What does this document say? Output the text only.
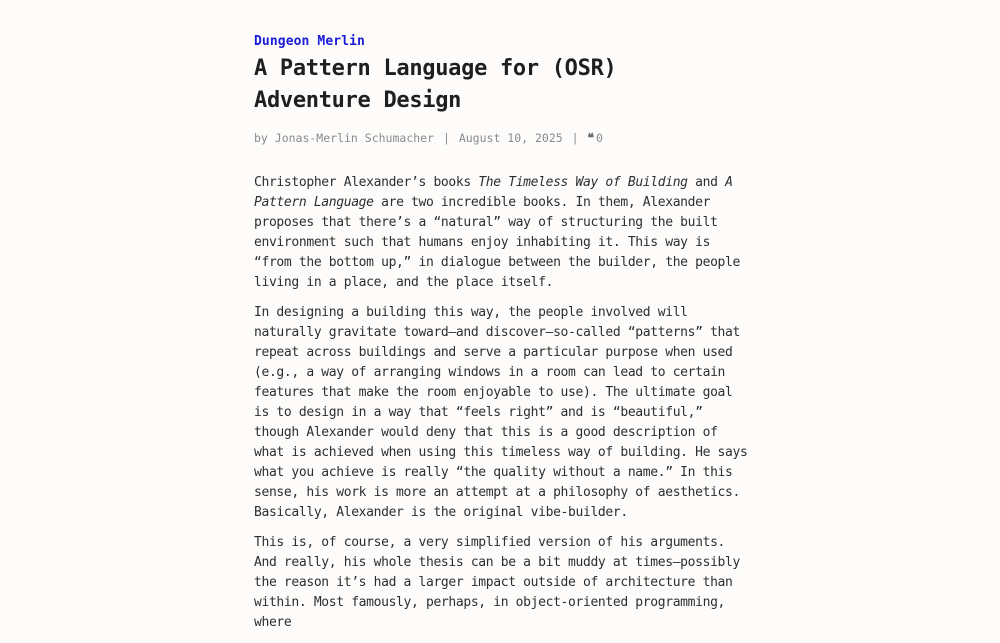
Dungeon Merlin
A Pattern Language for (OSR) Adventure Design
by Jonas-Merlin Schumacher | August 10, 2025 | ❝ 0

Christopher Alexander’s books The Timeless Way of Building and A Pattern Language are two incredible books. In them, Alexander proposes that there’s a “natural” way of structuring the built environment such that humans enjoy inhabiting it. This way is “from the bottom up,” in dialogue between the builder, the people living in a place, and the place itself.

In designing a building this way, the people involved will naturally gravitate toward—and discover—so-called “patterns” that repeat across buildings and serve a particular purpose when used (e.g., a way of arranging windows in a room can lead to certain features that make the room enjoyable to use). The ultimate goal is to design in a way that “feels right” and is “beautiful,” though Alexander would deny that this is a good description of what is achieved when using this timeless way of building. He says what you achieve is really “the quality without a name.” In this sense, his work is more an attempt at a philosophy of aesthetics. Basically, Alexander is the original vibe-builder.

This is, of course, a very simplified version of his arguments. And really, his whole thesis can be a bit muddy at times—possibly the reason it’s had a larger impact outside of architecture than within. Most famously, perhaps, in object-oriented programming, where
